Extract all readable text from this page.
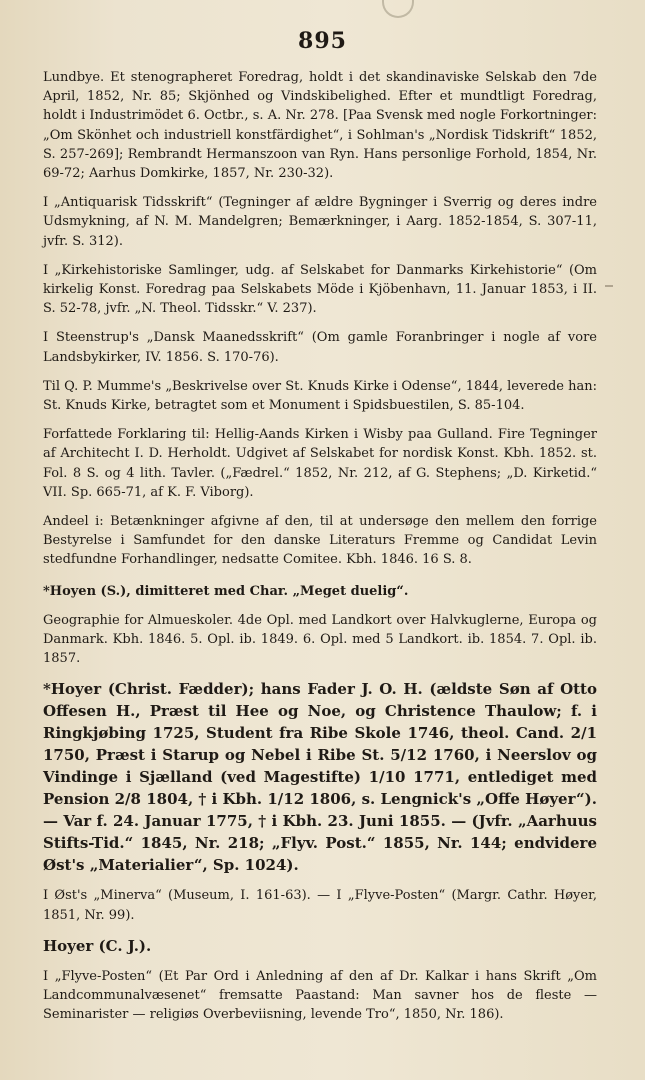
895
Lundbye. Et stenographeret Foredrag, holdt i det skandinaviske Selskab den 7de April, 1852, Nr. 85; Skjönhed og Vindskibelighed. Efter et mundtligt Foredrag, holdt i Industrimödet 6. Octbr., s. A. Nr. 278. [Paa Svensk med nogle Forkortninger: „Om Skönhet och industriell konstfärdighet“, i Sohlman's „Nordisk Tidskrift“ 1852, S. 257-269]; Rembrandt Hermanszoon van Ryn. Hans personlige Forhold, 1854, Nr. 69-72; Aarhus Domkirke, 1857, Nr. 230-32).
I „Antiquarisk Tidsskrift“ (Tegninger af ældre Bygninger i Sverrig og deres indre Udsmykning, af N. M. Mandelgren; Bemærkninger, i Aarg. 1852-1854, S. 307-11, jvfr. S. 312).
I „Kirkehistoriske Samlinger, udg. af Selskabet for Danmarks Kirkehistorie“ (Om kirkelig Konst. Foredrag paa Selskabets Möde i Kjöbenhavn, 11. Januar 1853, i II. S. 52-78, jvfr. „N. Theol. Tidsskr.“ V. 237).
I Steenstrup's „Dansk Maanedsskrift“ (Om gamle Foranbringer i nogle af vore Landsbykirker, IV. 1856. S. 170-76).
Til Q. P. Mumme's „Beskrivelse over St. Knuds Kirke i Odense“, 1844, leverede han: St. Knuds Kirke, betragtet som et Monument i Spidsbuestilen, S. 85-104.
Forfattede Forklaring til: Hellig-Aands Kirken i Wisby paa Gulland. Fire Tegninger af Architecht I. D. Herholdt. Udgivet af Selskabet for nordisk Konst. Kbh. 1852. st. Fol. 8 S. og 4 lith. Tavler. („Fædrel.“ 1852, Nr. 212, af G. Stephens; „D. Kirketid.“ VII. Sp. 665-71, af K. F. Viborg).
Andeel i: Betænkninger afgivne af den, til at undersøge den mellem den forrige Bestyrelse i Samfundet for den danske Literaturs Fremme og Candidat Levin stedfundne Forhandlinger, nedsatte Comitee. Kbh. 1846. 16 S. 8.
*Hoyen (S.), dimitteret med Char. „Meget duelig“.
Geographie for Almueskoler. 4de Opl. med Landkort over Halvkuglerne, Europa og Danmark. Kbh. 1846. 5. Opl. ib. 1849. 6. Opl. med 5 Landkort. ib. 1854. 7. Opl. ib. 1857.
*Hoyer (Christ. Fædder); hans Fader J. O. H. (ældste Søn af Otto Offesen H., Præst til Hee og Noe, og Christence Thaulow; f. i Ringkjøbing 1725, Student fra Ribe Skole 1746, theol. Cand. 2/1 1750, Præst i Starup og Nebel i Ribe St. 5/12 1760, i Neerslov og Vindinge i Sjælland (ved Magestifte) 1/10 1771, entlediget med Pension 2/8 1804, † i Kbh. 1/12 1806, s. Lengnick's „Offe Høyer“). — Var f. 24. Januar 1775, † i Kbh. 23. Juni 1855. — (Jvfr. „Aarhuus Stifts-Tid.“ 1845, Nr. 218; „Flyv. Post.“ 1855, Nr. 144; endvidere Øst's „Materialier“, Sp. 1024).
I Øst's „Minerva“ (Museum, I. 161-63). — I „Flyve-Posten“ (Margr. Cathr. Høyer, 1851, Nr. 99).
Hoyer (C. J.).
I „Flyve-Posten“ (Et Par Ord i Anledning af den af Dr. Kalkar i hans Skrift „Om Landcommunalvæsenet“ fremsatte Paastand: Man savner hos de fleste — Seminarister — religiøs Overbeviisning, levende Tro“, 1850, Nr. 186).
